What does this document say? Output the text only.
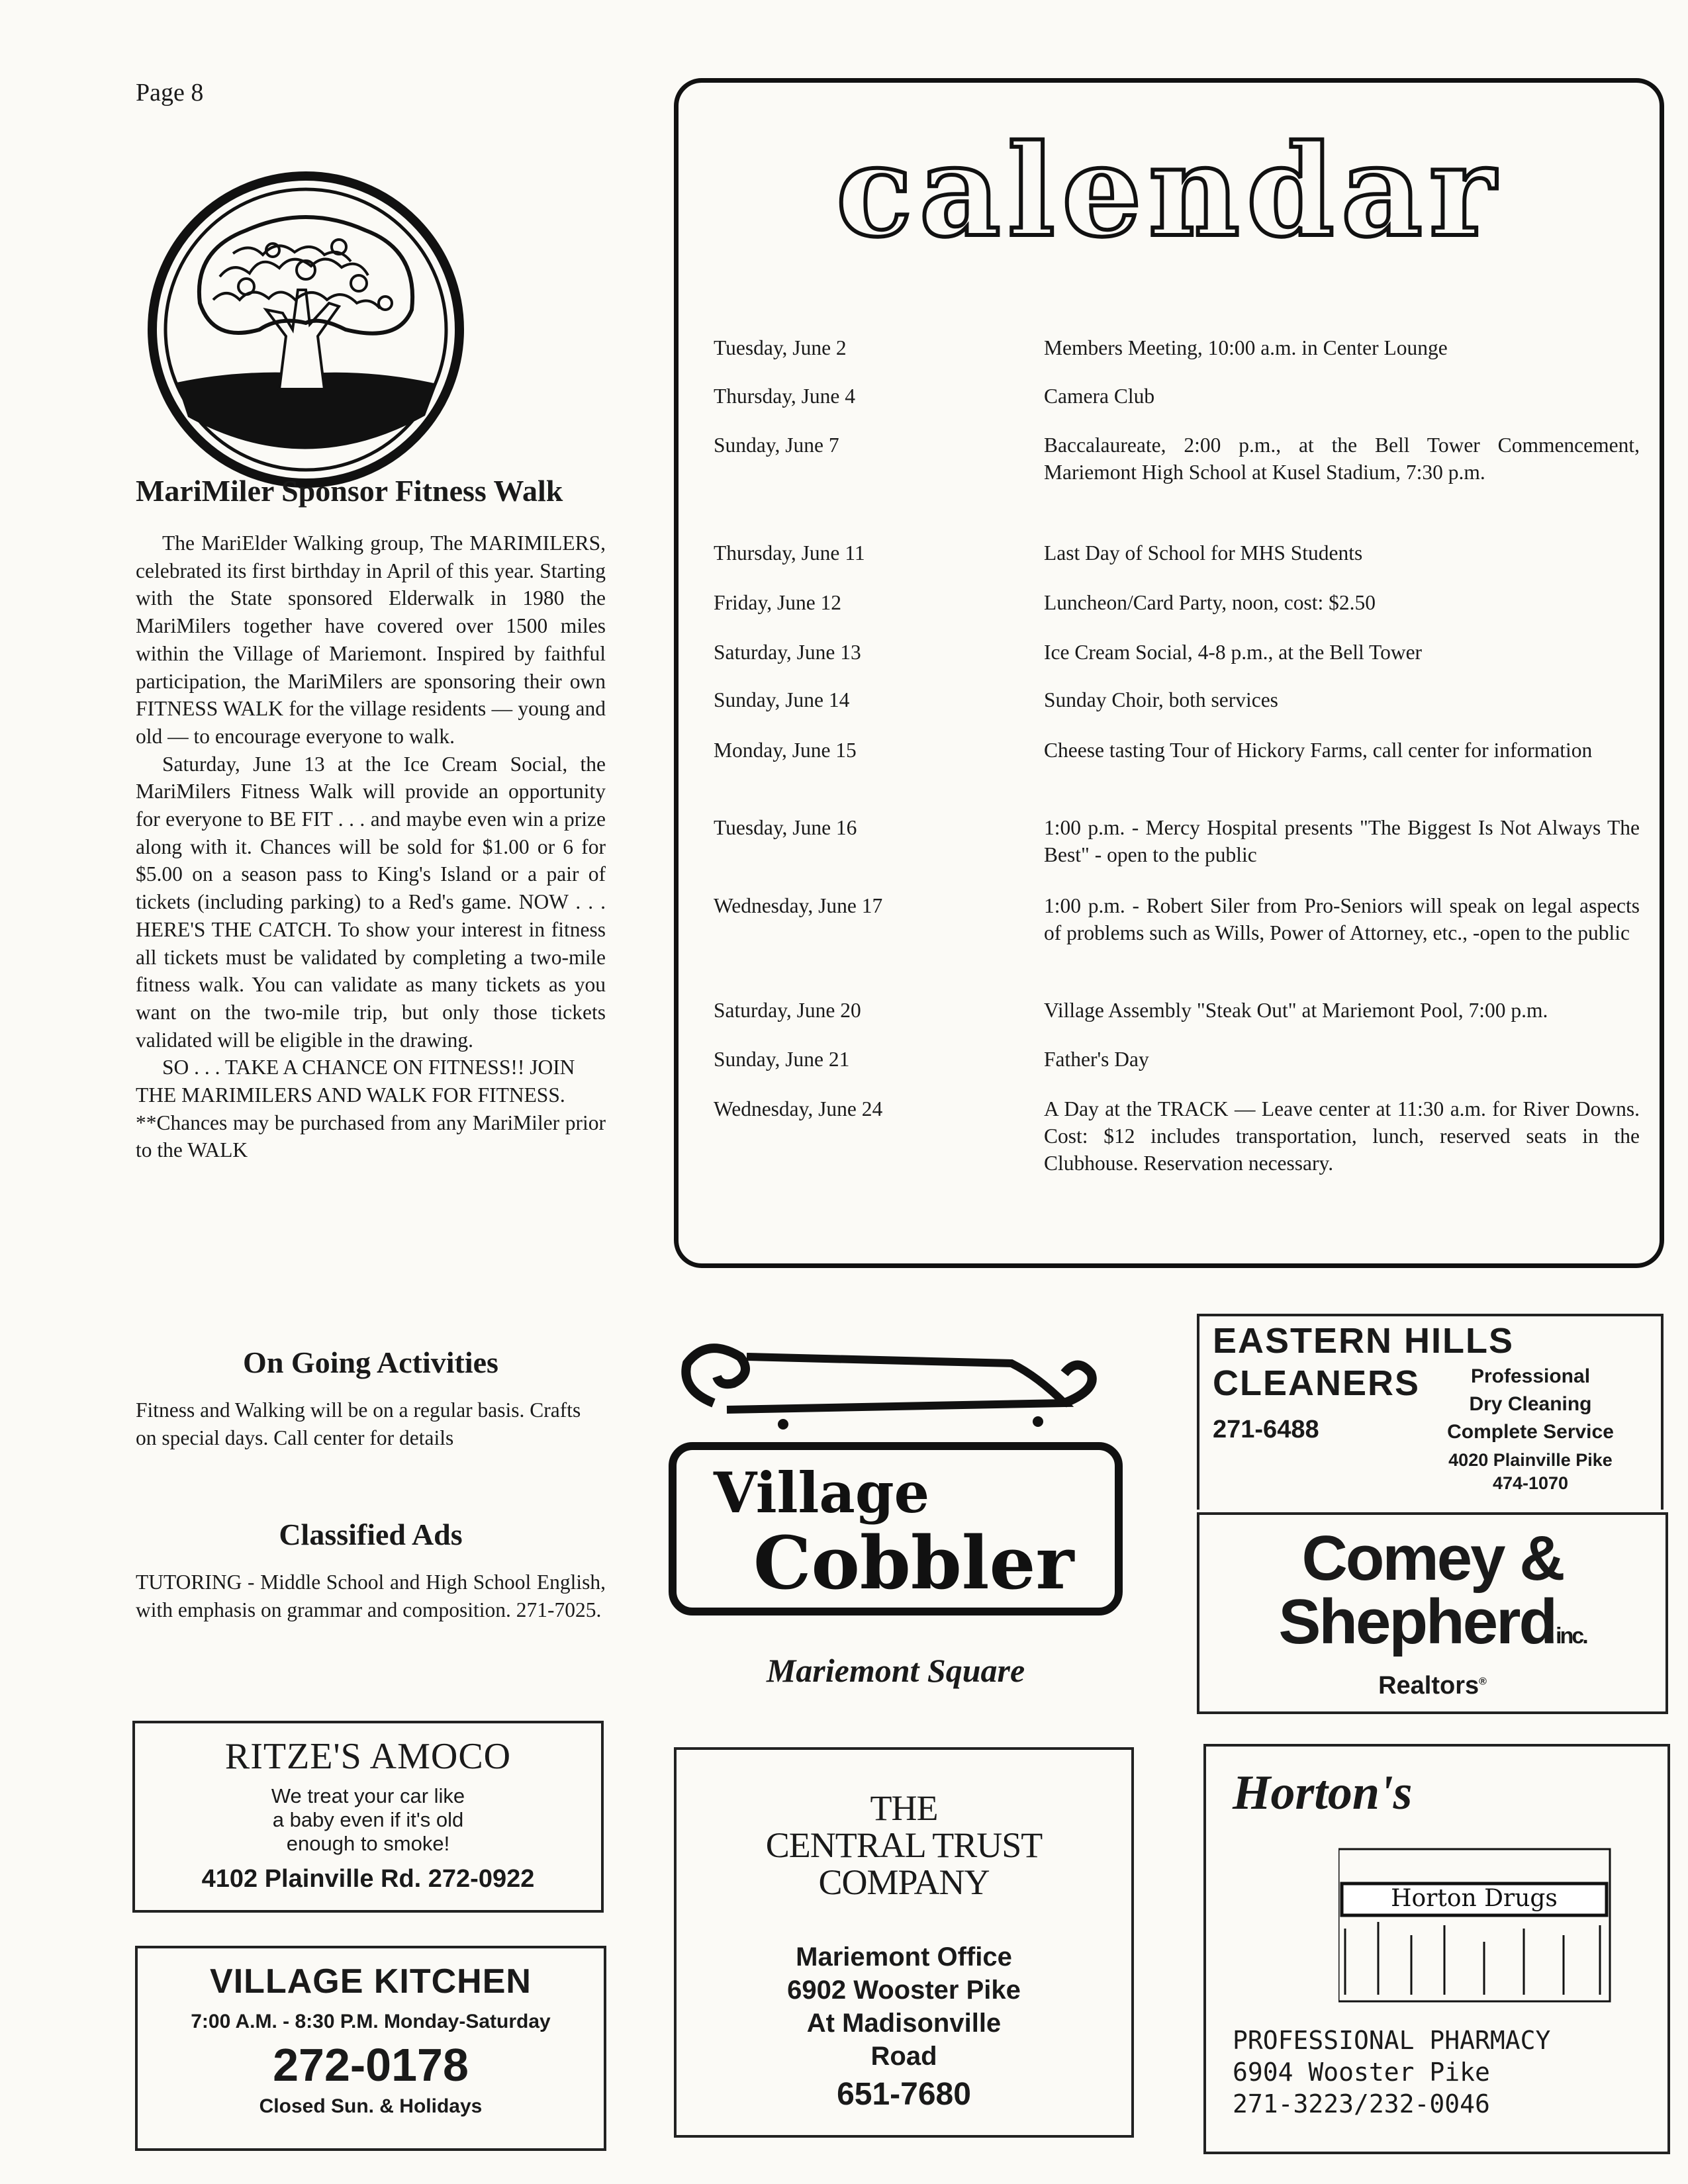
Page 8
MariMiler Sponsor Fitness Walk

The MariElder Walking group, The MARIMILERS, celebrated its first birthday in April of this year. Starting with the State sponsored Elderwalk in 1980 the MariMilers together have covered over 1500 miles within the Village of Mariemont. Inspired by faithful participation, the MariMilers are sponsoring their own FITNESS WALK for the village residents — young and old — to encourage everyone to walk.

Saturday, June 13 at the Ice Cream Social, the MariMilers Fitness Walk will provide an opportunity for everyone to BE FIT . . . and maybe even win a prize along with it. Chances will be sold for $1.00 or 6 for $5.00 on a season pass to King's Island or a pair of tickets (including parking) to a Red's game. NOW . . . HERE'S THE CATCH. To show your interest in fitness all tickets must be validated by completing a two-mile fitness walk. You can validate as many tickets as you want on the two-mile trip, but only those tickets validated will be eligible in the drawing.

SO . . . TAKE A CHANCE ON FITNESS!! JOIN THE MARIMILERS AND WALK FOR FITNESS.

**Chances may be purchased from any MariMiler prior to the WALK

On Going Activities
Fitness and Walking will be on a regular basis. Crafts on special days. Call center for details
Classified Ads
TUTORING - Middle School and High School English, with emphasis on grammar and composition. 271-7025.
calendar
Tuesday, June 2	Members Meeting, 10:00 a.m. in Center Lounge
Thursday, June 4	Camera Club
Sunday, June 7	Baccalaureate, 2:00 p.m., at the Bell Tower Commencement, Mariemont High School at Kusel Stadium, 7:30 p.m.
Thursday, June 11	Last Day of School for MHS Students
Friday, June 12	Luncheon/Card Party, noon, cost: $2.50
Saturday, June 13	Ice Cream Social, 4-8 p.m., at the Bell Tower
Sunday, June 14	Sunday Choir, both services
Monday, June 15	Cheese tasting Tour of Hickory Farms, call center for information
Tuesday, June 16	1:00 p.m. - Mercy Hospital presents "The Biggest Is Not Always The Best" - open to the public
Wednesday, June 17	1:00 p.m. - Robert Siler from Pro-Seniors will speak on legal aspects of problems such as Wills, Power of Attorney, etc., -open to the public
Saturday, June 20	Village Assembly "Steak Out" at Mariemont Pool, 7:00 p.m.
Sunday, June 21	Father's Day
Wednesday, June 24	A Day at the TRACK — Leave center at 11:30 a.m. for River Downs. Cost: $12 includes transportation, lunch, reserved seats in the Clubhouse. Reservation necessary.
RITZE'S AMOCO
We treat your car like
a baby even if it's old
enough to smoke!
4102 Plainville Rd. 272-0922
VILLAGE KITCHEN
7:00 A.M. - 8:30 P.M. Monday-Saturday
272-0178
Closed Sun. & Holidays
Village
Cobbler
Mariemont Square
THE
CENTRAL TRUST
COMPANY
Mariemont Office
6902 Wooster Pike
At Madisonville
Road
651-7680
EASTERN HILLS
CLEANERS
271-6488
Professional
Dry Cleaning
Complete Service
4020 Plainville Pike
474-1070
Comey &
Shepherdinc.
Realtors®
Horton's
Horton Drugs
PROFESSIONAL PHARMACY
6904 Wooster Pike
271-3223/232-0046
